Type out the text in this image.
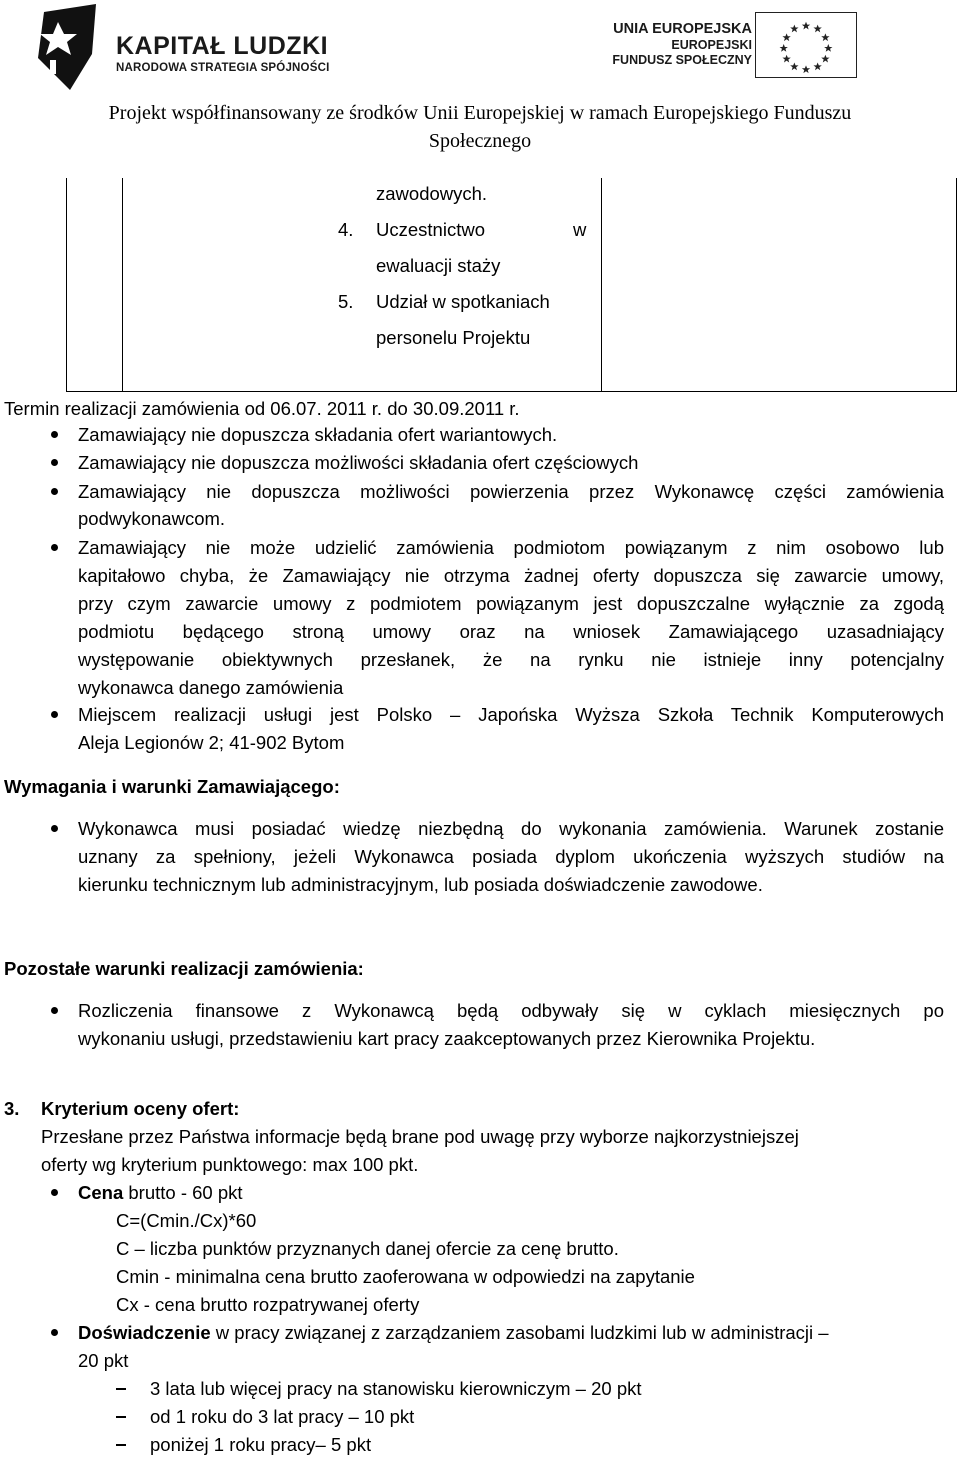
KAPITAŁ LUDZKI
NARODOWA STRATEGIA SPÓJNOŚCI
UNIA EUROPEJSKA
EUROPEJSKI
FUNDUSZ SPOŁECZNY
Projekt współfinansowany ze środków Unii Europejskiej w ramach Europejskiego Funduszu
Społecznego
zawodowych.
4. Uczestnictwo	w
ewaluacji staży
5. Udział w spotkaniach
personelu Projektu
Termin realizacji zamówienia od 06.07. 2011 r. do 30.09.2011 r.
Zamawiający nie dopuszcza składania ofert wariantowych.
Zamawiający nie dopuszcza możliwości składania ofert częściowych
Zamawiający nie dopuszcza możliwości powierzenia przez Wykonawcę części zamówienia
podwykonawcom.
Zamawiający nie może udzielić zamówienia podmiotom powiązanym z nim osobowo lub
kapitałowo chyba, że Zamawiający nie otrzyma żadnej oferty dopuszcza się zawarcie umowy,
przy czym zawarcie umowy z podmiotem powiązanym jest dopuszczalne wyłącznie za zgodą
podmiotu będącego stroną umowy oraz na wniosek Zamawiającego uzasadniający
występowanie obiektywnych przesłanek, że na rynku nie istnieje inny potencjalny
wykonawca danego zamówienia
Miejscem realizacji usługi jest Polsko – Japońska Wyższa Szkoła Technik Komputerowych
Aleja Legionów 2; 41-902 Bytom
Wymagania i warunki Zamawiającego:
Wykonawca musi posiadać wiedzę niezbędną do wykonania zamówienia. Warunek zostanie
uznany za spełniony, jeżeli Wykonawca posiada dyplom ukończenia wyższych studiów na
kierunku technicznym lub administracyjnym, lub posiada doświadczenie zawodowe.
Pozostałe warunki realizacji zamówienia:
Rozliczenia finansowe z Wykonawcą będą odbywały się w cyklach miesięcznych po
wykonaniu usługi, przedstawieniu kart pracy zaakceptowanych przez Kierownika Projektu.
3. Kryterium oceny ofert:
Przesłane przez Państwa informacje będą brane pod uwagę przy wyborze najkorzystniejszej
oferty wg kryterium punktowego: max 100 pkt.
Cena brutto - 60 pkt
C=(Cmin./Cx)*60
C – liczba punktów przyznanych danej ofercie za cenę brutto.
Cmin - minimalna cena brutto zaoferowana w odpowiedzi na zapytanie
Cx - cena brutto rozpatrywanej oferty
Doświadczenie w pracy związanej z zarządzaniem zasobami ludzkimi lub w administracji –
20 pkt
3 lata lub więcej pracy na stanowisku kierowniczym – 20 pkt
od 1 roku do 3 lat pracy – 10 pkt
poniżej 1 roku pracy– 5 pkt
